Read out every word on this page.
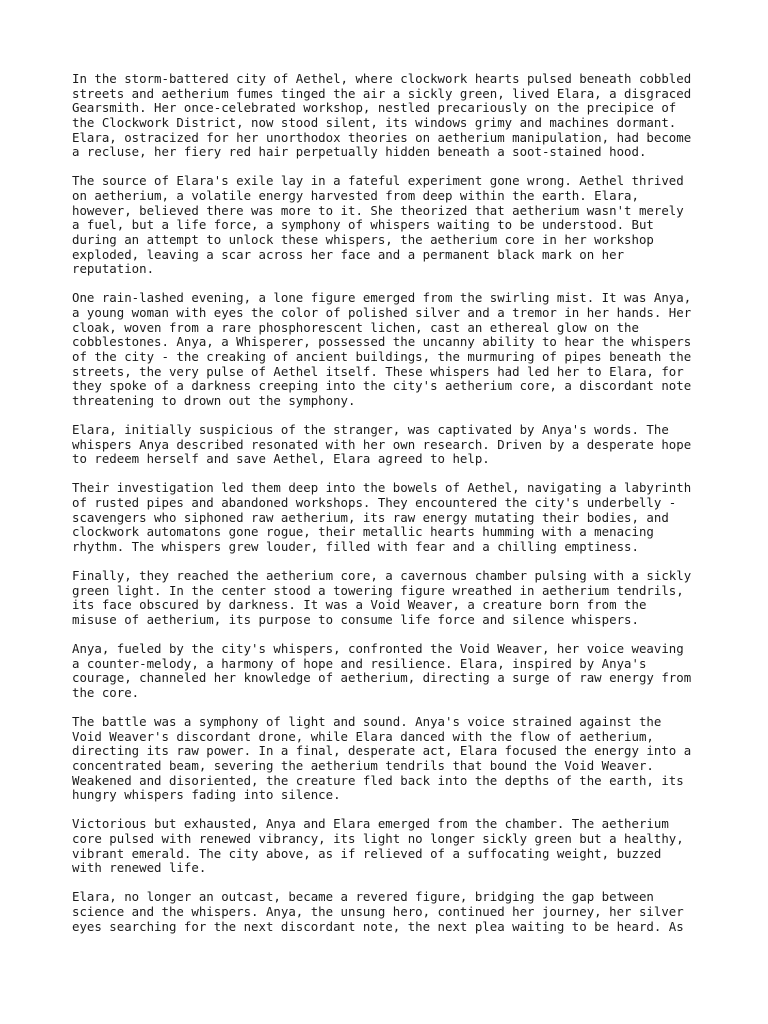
In the storm-battered city of Aethel, where clockwork hearts pulsed beneath cobbled
streets and aetherium fumes tinged the air a sickly green, lived Elara, a disgraced
Gearsmith. Her once-celebrated workshop, nestled precariously on the precipice of
the Clockwork District, now stood silent, its windows grimy and machines dormant.
Elara, ostracized for her unorthodox theories on aetherium manipulation, had become
a recluse, her fiery red hair perpetually hidden beneath a soot-stained hood.
The source of Elara's exile lay in a fateful experiment gone wrong. Aethel thrived
on aetherium, a volatile energy harvested from deep within the earth. Elara,
however, believed there was more to it. She theorized that aetherium wasn't merely
a fuel, but a life force, a symphony of whispers waiting to be understood. But
during an attempt to unlock these whispers, the aetherium core in her workshop
exploded, leaving a scar across her face and a permanent black mark on her
reputation.
One rain-lashed evening, a lone figure emerged from the swirling mist. It was Anya,
a young woman with eyes the color of polished silver and a tremor in her hands. Her
cloak, woven from a rare phosphorescent lichen, cast an ethereal glow on the
cobblestones. Anya, a Whisperer, possessed the uncanny ability to hear the whispers
of the city - the creaking of ancient buildings, the murmuring of pipes beneath the
streets, the very pulse of Aethel itself. These whispers had led her to Elara, for
they spoke of a darkness creeping into the city's aetherium core, a discordant note
threatening to drown out the symphony.
Elara, initially suspicious of the stranger, was captivated by Anya's words. The
whispers Anya described resonated with her own research. Driven by a desperate hope
to redeem herself and save Aethel, Elara agreed to help.
Their investigation led them deep into the bowels of Aethel, navigating a labyrinth
of rusted pipes and abandoned workshops. They encountered the city's underbelly -
scavengers who siphoned raw aetherium, its raw energy mutating their bodies, and
clockwork automatons gone rogue, their metallic hearts humming with a menacing
rhythm. The whispers grew louder, filled with fear and a chilling emptiness.
Finally, they reached the aetherium core, a cavernous chamber pulsing with a sickly
green light. In the center stood a towering figure wreathed in aetherium tendrils,
its face obscured by darkness. It was a Void Weaver, a creature born from the
misuse of aetherium, its purpose to consume life force and silence whispers.
Anya, fueled by the city's whispers, confronted the Void Weaver, her voice weaving
a counter-melody, a harmony of hope and resilience. Elara, inspired by Anya's
courage, channeled her knowledge of aetherium, directing a surge of raw energy from
the core.
The battle was a symphony of light and sound. Anya's voice strained against the
Void Weaver's discordant drone, while Elara danced with the flow of aetherium,
directing its raw power. In a final, desperate act, Elara focused the energy into a
concentrated beam, severing the aetherium tendrils that bound the Void Weaver.
Weakened and disoriented, the creature fled back into the depths of the earth, its
hungry whispers fading into silence.
Victorious but exhausted, Anya and Elara emerged from the chamber. The aetherium
core pulsed with renewed vibrancy, its light no longer sickly green but a healthy,
vibrant emerald. The city above, as if relieved of a suffocating weight, buzzed
with renewed life.
Elara, no longer an outcast, became a revered figure, bridging the gap between
science and the whispers. Anya, the unsung hero, continued her journey, her silver
eyes searching for the next discordant note, the next plea waiting to be heard. As
